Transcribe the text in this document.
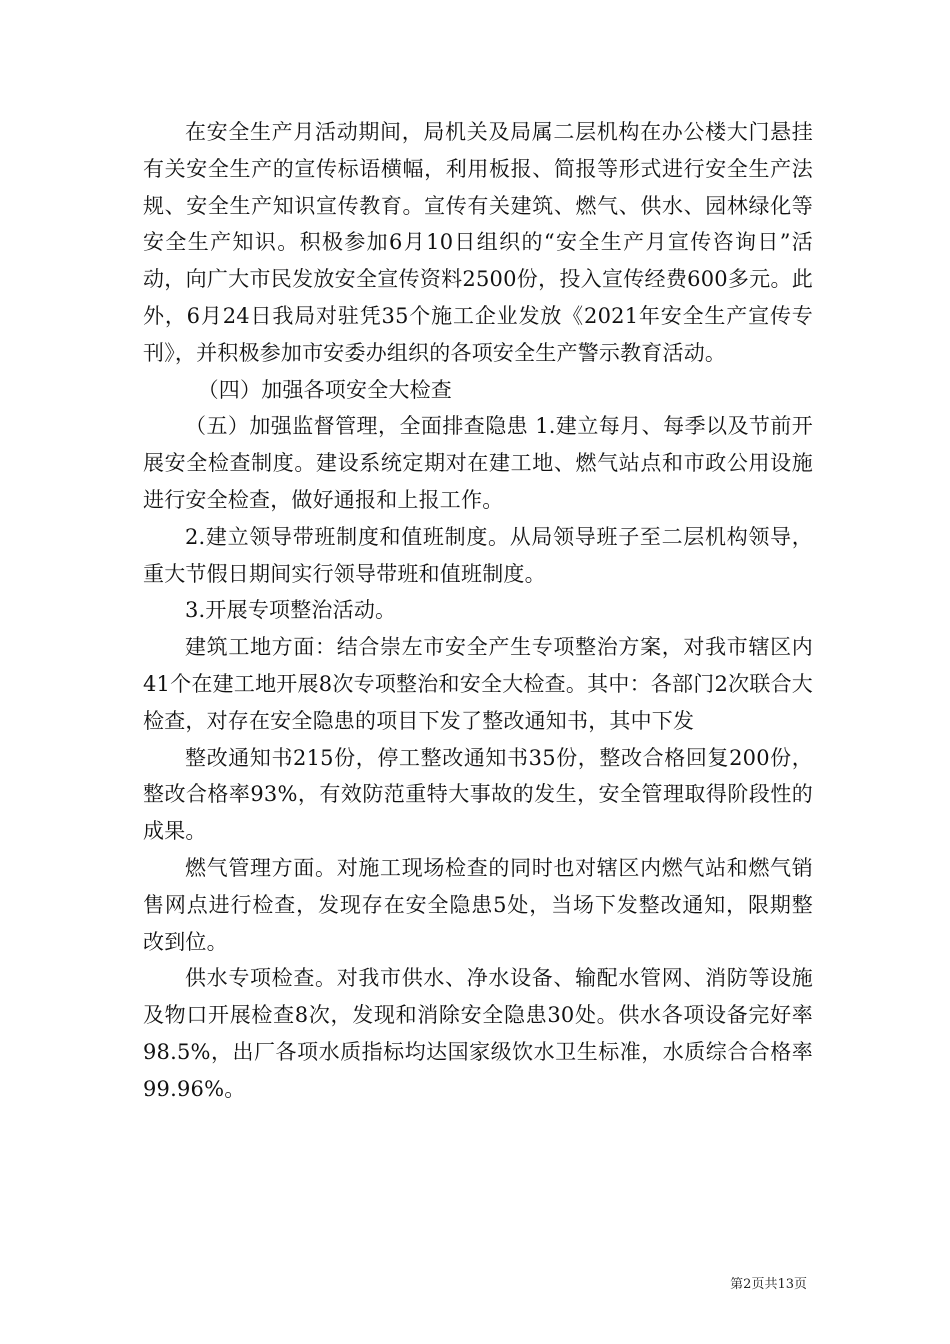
在安全生产月活动期间，局机关及局属二层机构在办公楼大门悬挂有关安全生产的宣传标语横幅，利用板报、简报等形式进行安全生产法规、安全生产知识宣传教育。宣传有关建筑、燃气、供水、园林绿化等安全生产知识。积极参加6月10日组织的“安全生产月宣传咨询日”活动，向广大市民发放安全宣传资料2500份，投入宣传经费600多元。此外，6月24日我局对驻凭35个施工企业发放《2021年安全生产宣传专刊》，并积极参加市安委办组织的各项安全生产警示教育活动。

（四）加强各项安全大检查

（五）加强监督管理，全面排查隐患 1.建立每月、每季以及节前开展安全检查制度。建设系统定期对在建工地、燃气站点和市政公用设施进行安全检查，做好通报和上报工作。

2.建立领导带班制度和值班制度。从局领导班子至二层机构领导，重大节假日期间实行领导带班和值班制度。

3.开展专项整治活动。

建筑工地方面：结合崇左市安全产生专项整治方案，对我市辖区内41个在建工地开展8次专项整治和安全大检查。其中：各部门2次联合大检查，对存在安全隐患的项目下发了整改通知书，其中下发

整改通知书215份，停工整改通知书35份，整改合格回复200份，整改合格率93%，有效防范重特大事故的发生，安全管理取得阶段性的成果。

燃气管理方面。对施工现场检查的同时也对辖区内燃气站和燃气销售网点进行检查，发现存在安全隐患5处，当场下发整改通知，限期整改到位。

供水专项检查。对我市供水、净水设备、输配水管网、消防等设施及物口开展检查8次，发现和消除安全隐患30处。供水各项设备完好率98.5%，出厂各项水质指标均达国家级饮水卫生标准，水质综合合格率99.96%。

第2页共13页
